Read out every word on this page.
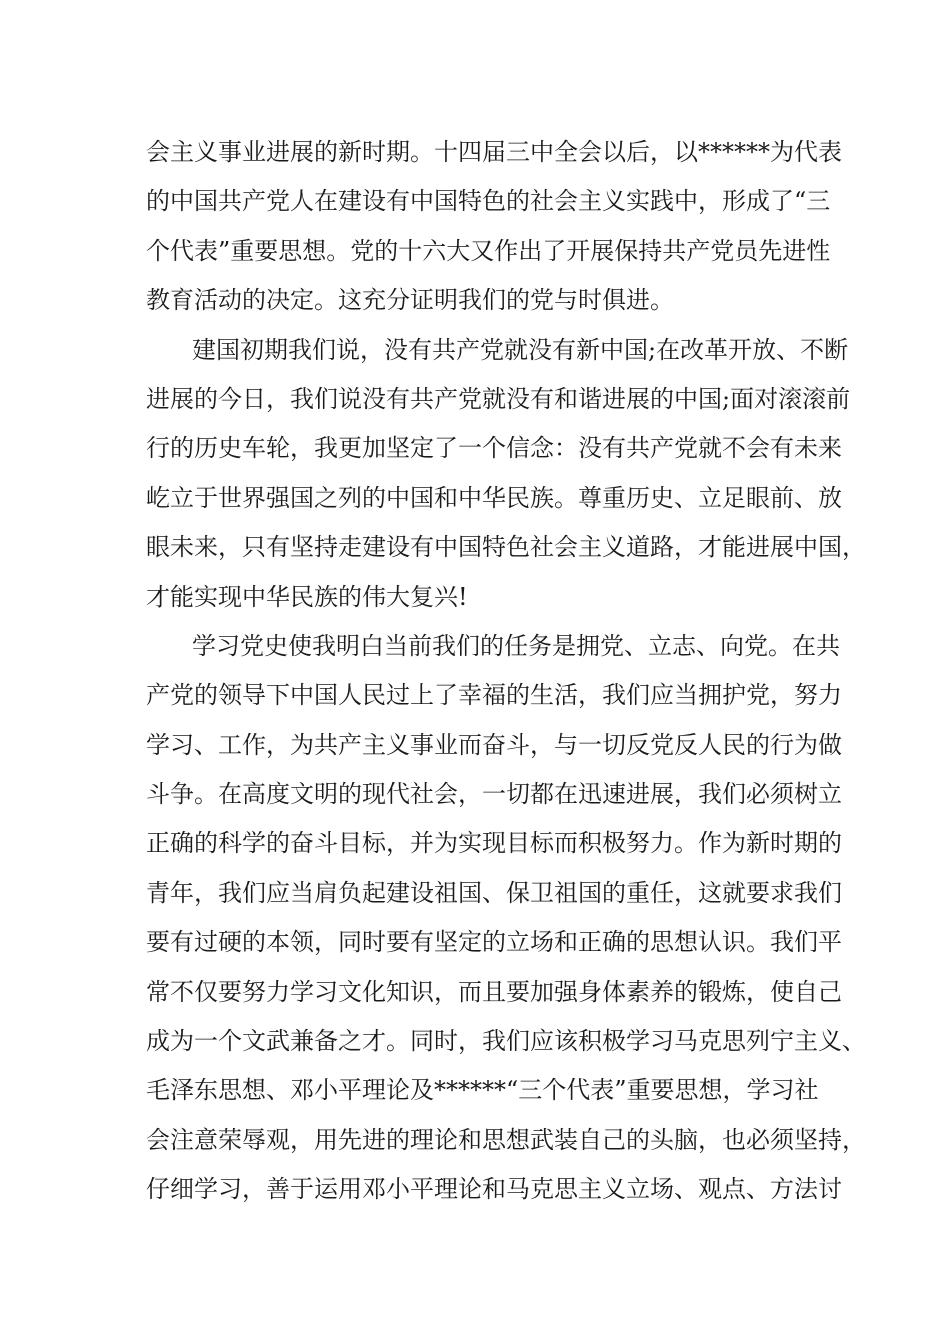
会主义事业进展的新时期。十四届三中全会以后，以******为代表
的中国共产党人在建设有中国特色的社会主义实践中，形成了“三
个代表”重要思想。党的十六大又作出了开展保持共产党员先进性
教育活动的决定。这充分证明我们的党与时俱进。
建国初期我们说，没有共产党就没有新中国;在改革开放、不断
进展的今日，我们说没有共产党就没有和谐进展的中国;面对滚滚前
行的历史车轮，我更加坚定了一个信念：没有共产党就不会有未来
屹立于世界强国之列的中国和中华民族。尊重历史、立足眼前、放
眼未来，只有坚持走建设有中国特色社会主义道路，才能进展中国，
才能实现中华民族的伟大复兴!
学习党史使我明白当前我们的任务是拥党、立志、向党。在共
产党的领导下中国人民过上了幸福的生活，我们应当拥护党，努力
学习、工作，为共产主义事业而奋斗，与一切反党反人民的行为做
斗争。在高度文明的现代社会，一切都在迅速进展，我们必须树立
正确的科学的奋斗目标，并为实现目标而积极努力。作为新时期的
青年，我们应当肩负起建设祖国、保卫祖国的重任，这就要求我们
要有过硬的本领，同时要有坚定的立场和正确的思想认识。我们平
常不仅要努力学习文化知识，而且要加强身体素养的锻炼，使自己
成为一个文武兼备之才。同时，我们应该积极学习马克思列宁主义、
毛泽东思想、邓小平理论及******“三个代表”重要思想，学习社
会注意荣辱观，用先进的理论和思想武装自己的头脑，也必须坚持，
仔细学习，善于运用邓小平理论和马克思主义立场、观点、方法讨
